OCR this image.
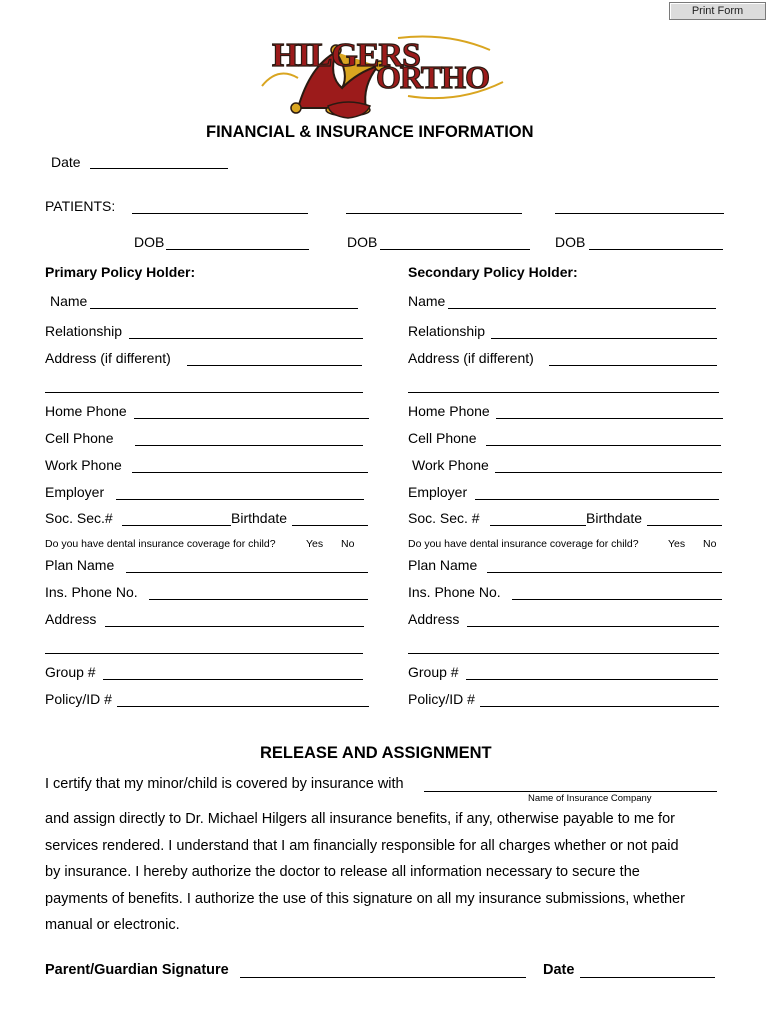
Print Form
HILGERS
ORTHO
FINANCIAL & INSURANCE INFORMATION
Date
PATIENTS:
DOB	DOB	DOB
Primary Policy Holder:	Secondary Policy Holder:
Name
Relationship
Address (if different)
Home Phone
Cell Phone
Work Phone
Employer
Soc. Sec.#	Birthdate
Do you have dental insurance coverage for child?	Yes No
Plan Name
Ins. Phone No.
Address
Group #
Policy/ID #
Name
Relationship
Address (if different)
Home Phone
Cell Phone
Work Phone
Employer
Soc. Sec. #	Birthdate
Do you have dental insurance coverage for child?	Yes No
Plan Name
Ins. Phone No.
Address
Group #
Policy/ID #
RELEASE AND ASSIGNMENT
I certify that my minor/child is covered by insurance with
Name of Insurance Company
and assign directly to Dr. Michael Hilgers all insurance benefits, if any, otherwise payable to me for
services rendered. I understand that I am financially responsible for all charges whether or not paid
by insurance. I hereby authorize the doctor to release all information necessary to secure the
payments of benefits. I authorize the use of this signature on all my insurance submissions, whether
manual or electronic.
Parent/Guardian Signature	Date
